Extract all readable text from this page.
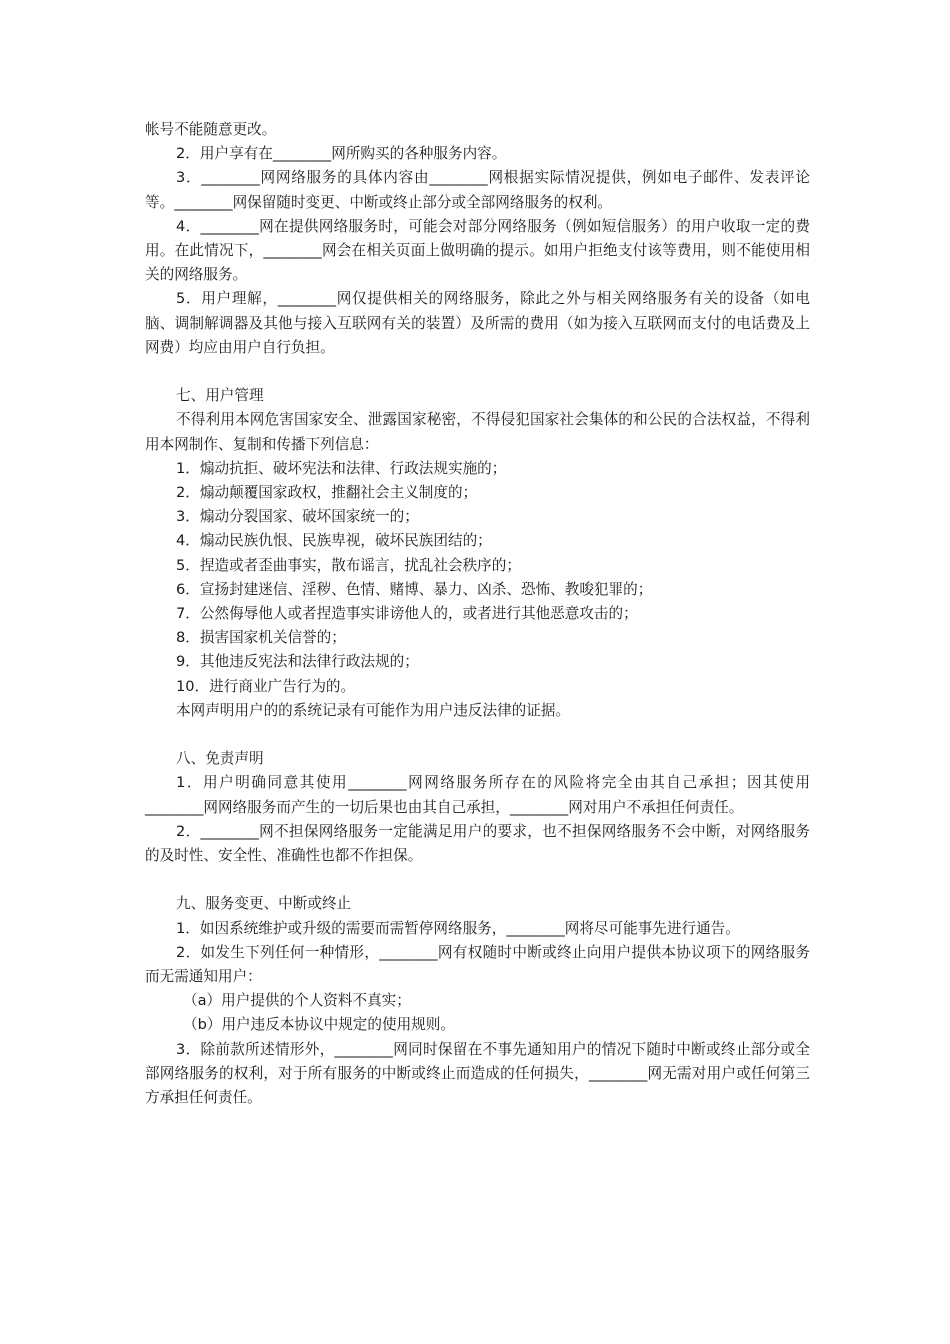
帐号不能随意更改。

2．用户享有在________网所购买的各种服务内容。

3．________网网络服务的具体内容由________网根据实际情况提供，例如电子邮件、发表评论等。________网保留随时变更、中断或终止部分或全部网络服务的权利。

4．________网在提供网络服务时，可能会对部分网络服务（例如短信服务）的用户收取一定的费用。在此情况下，________网会在相关页面上做明确的提示。如用户拒绝支付该等费用，则不能使用相关的网络服务。

5．用户理解，________网仅提供相关的网络服务，除此之外与相关网络服务有关的设备（如电脑、调制解调器及其他与接入互联网有关的装置）及所需的费用（如为接入互联网而支付的电话费及上网费）均应由用户自行负担。

七、用户管理

不得利用本网危害国家安全、泄露国家秘密，不得侵犯国家社会集体的和公民的合法权益，不得利用本网制作、复制和传播下列信息：

1．煽动抗拒、破坏宪法和法律、行政法规实施的；

2．煽动颠覆国家政权，推翻社会主义制度的；

3．煽动分裂国家、破坏国家统一的；

4．煽动民族仇恨、民族卑视，破坏民族团结的；

5．捏造或者歪曲事实，散布谣言，扰乱社会秩序的；

6．宣扬封建迷信、淫秽、色情、赌博、暴力、凶杀、恐怖、教唆犯罪的；

7．公然侮辱他人或者捏造事实诽谤他人的，或者进行其他恶意攻击的；

8．损害国家机关信誉的；

9．其他违反宪法和法律行政法规的；

10．进行商业广告行为的。

本网声明用户的的系统记录有可能作为用户违反法律的证据。

八、免责声明

1．用户明确同意其使用________网网络服务所存在的风险将完全由其自己承担；因其使用________网网络服务而产生的一切后果也由其自己承担，________网对用户不承担任何责任。

2．________网不担保网络服务一定能满足用户的要求，也不担保网络服务不会中断，对网络服务的及时性、安全性、准确性也都不作担保。

九、服务变更、中断或终止

1．如因系统维护或升级的需要而需暂停网络服务，________网将尽可能事先进行通告。

2．如发生下列任何一种情形，________网有权随时中断或终止向用户提供本协议项下的网络服务而无需通知用户：

（a）用户提供的个人资料不真实；

（b）用户违反本协议中规定的使用规则。

3．除前款所述情形外，________网同时保留在不事先通知用户的情况下随时中断或终止部分或全部网络服务的权利，对于所有服务的中断或终止而造成的任何损失，________网无需对用户或任何第三方承担任何责任。
